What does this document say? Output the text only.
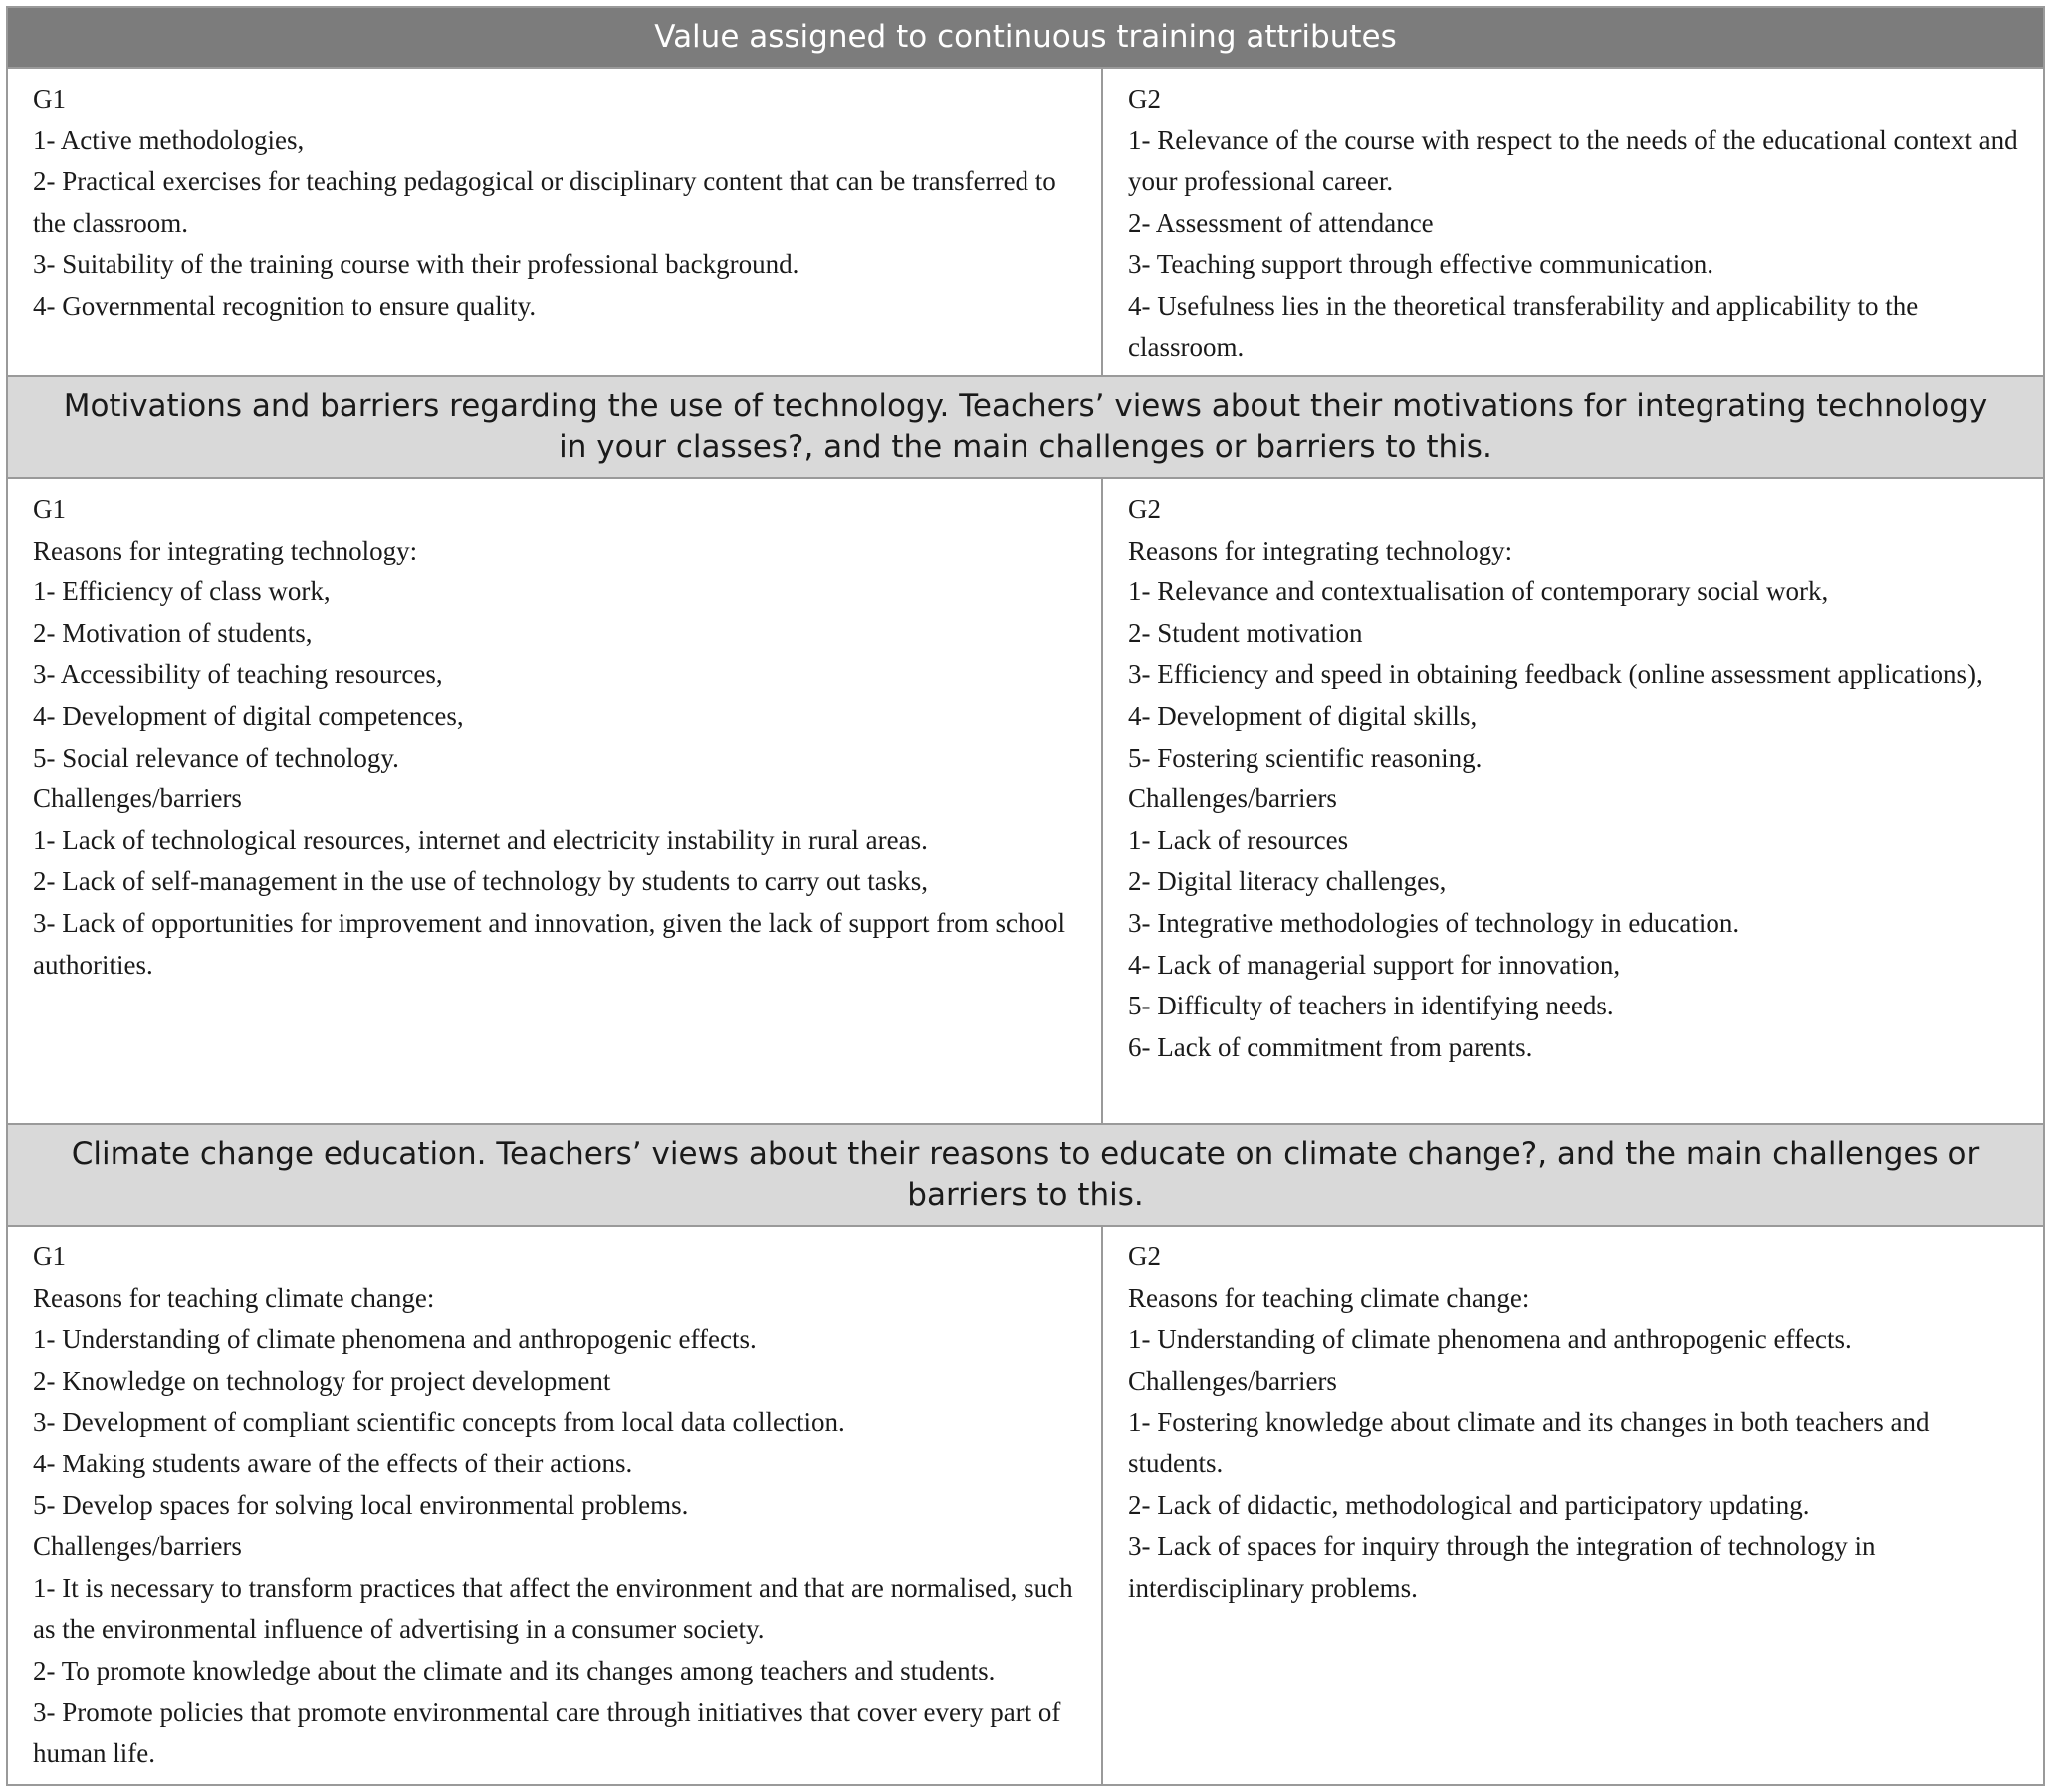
Value assigned to continuous training attributes
G1
1- Active methodologies,
2- Practical exercises for teaching pedagogical or disciplinary content that can be transferred to the classroom.
3- Suitability of the training course with their professional background.
4- Governmental recognition to ensure quality.
G2
1- Relevance of the course with respect to the needs of the educational context and your professional career.
2- Assessment of attendance
3- Teaching support through effective communication.
4- Usefulness lies in the theoretical transferability and applicability to the classroom.
Motivations and barriers regarding the use of technology. Teachers’ views about their motivations for integrating technology in your classes?, and the main challenges or barriers to this.
G1
Reasons for integrating technology:
1- Efficiency of class work,
2- Motivation of students,
3- Accessibility of teaching resources,
4- Development of digital competences,
5- Social relevance of technology.
Challenges/barriers
1- Lack of technological resources, internet and electricity instability in rural areas.
2- Lack of self-management in the use of technology by students to carry out tasks,
3- Lack of opportunities for improvement and innovation, given the lack of support from school authorities.
G2
Reasons for integrating technology:
1- Relevance and contextualisation of contemporary social work,
2- Student motivation
3- Efficiency and speed in obtaining feedback (online assessment applications),
4- Development of digital skills,
5- Fostering scientific reasoning.
Challenges/barriers
1- Lack of resources
2- Digital literacy challenges,
3- Integrative methodologies of technology in education.
4- Lack of managerial support for innovation,
5- Difficulty of teachers in identifying needs.
6- Lack of commitment from parents.
Climate change education. Teachers’ views about their reasons to educate on climate change?, and the main challenges or barriers to this.
G1
Reasons for teaching climate change:
1- Understanding of climate phenomena and anthropogenic effects.
2- Knowledge on technology for project development
3- Development of compliant scientific concepts from local data collection.
4- Making students aware of the effects of their actions.
5- Develop spaces for solving local environmental problems.
Challenges/barriers
1- It is necessary to transform practices that affect the environment and that are normalised, such as the environmental influence of advertising in a consumer society.
2- To promote knowledge about the climate and its changes among teachers and students.
3- Promote policies that promote environmental care through initiatives that cover every part of human life.
G2
Reasons for teaching climate change:
1- Understanding of climate phenomena and anthropogenic effects.
Challenges/barriers
1- Fostering knowledge about climate and its changes in both teachers and students.
2- Lack of didactic, methodological and participatory updating.
3- Lack of spaces for inquiry through the integration of technology in interdisciplinary problems.
